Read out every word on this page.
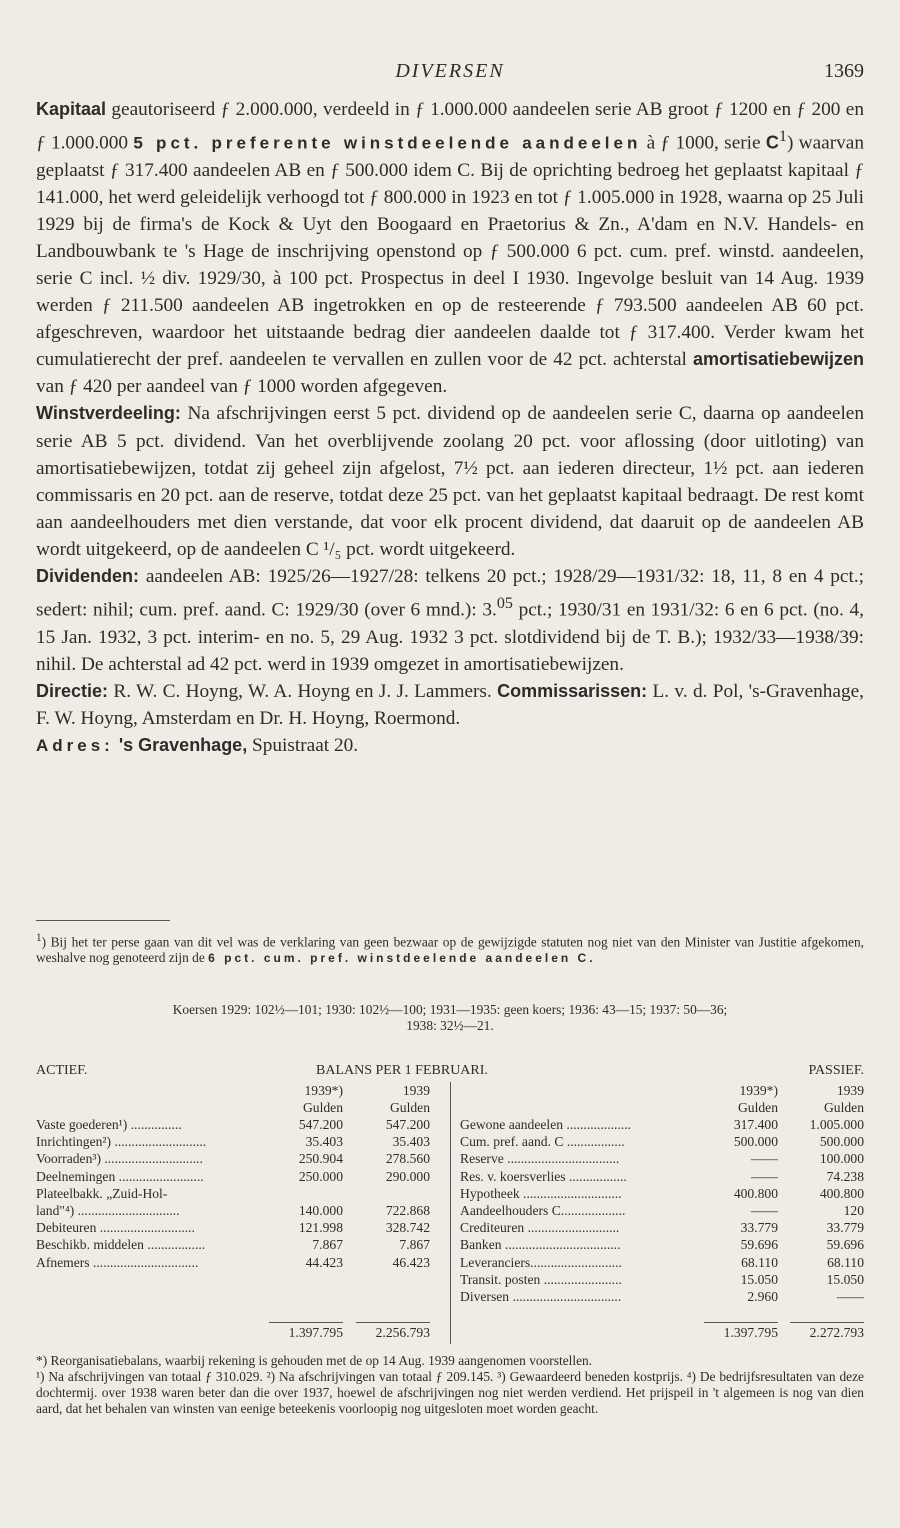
DIVERSEN	1369

Kapitaal geautoriseerd ƒ 2.000.000, verdeeld in ƒ 1.000.000 aandeelen serie AB groot ƒ 1200 en ƒ 200 en ƒ 1.000.000 5 pct. preferente winstdeelende aandeelen à ƒ 1000, serie $C^1$) waarvan geplaatst ƒ 317.400 aandeelen AB en ƒ 500.000 idem C. Bij de oprichting bedroeg het geplaatst kapitaal ƒ 141.000, het werd geleidelijk verhoogd tot ƒ 800.000 in 1923 en tot ƒ 1.005.000 in 1928, waarna op 25 Juli 1929 bij de firma's de Kock & Uyt den Boogaard en Praetorius & Zn., A'dam en N.V. Handels- en Landbouwbank te 's Hage de inschrijving openstond op ƒ 500.000 6 pct. cum. pref. winstd. aandeelen, serie C incl. ½ div. 1929/30, à 100 pct. Prospectus in deel I 1930. Ingevolge besluit van 14 Aug. 1939 werden ƒ 211.500 aandeelen AB ingetrokken en op de resteerende ƒ 793.500 aandeelen AB 60 pct. afgeschreven, waardoor het uitstaande bedrag dier aandeelen daalde tot ƒ 317.400. Verder kwam het cumulatierecht der pref. aandeelen te vervallen en zullen voor de 42 pct. achterstal amortisatiebewijzen van ƒ 420 per aandeel van ƒ 1000 worden afgegeven.

Winstverdeeling: Na afschrijvingen eerst 5 pct. dividend op de aandeelen serie C, daarna op aandeelen serie AB 5 pct. dividend. Van het overblijvende zoolang 20 pct. voor aflossing (door uitloting) van amortisatiebewijzen, totdat zij geheel zijn afgelost, 7½ pct. aan iederen directeur, 1½ pct. aan iederen commissaris en 20 pct. aan de reserve, totdat deze 25 pct. van het geplaatst kapitaal bedraagt. De rest komt aan aandeelhouders met dien verstande, dat voor elk procent dividend, dat daaruit op de aandeelen AB wordt uitgekeerd, op de aandeelen C ¹/₅ pct. wordt uitgekeerd.

Dividenden: aandeelen AB: 1925/26—1927/28: telkens 20 pct.; 1928/29—1931/32: 18, 11, 8 en 4 pct.; sedert: nihil; cum. pref. aand. C: 1929/30 (over 6 mnd.): 3.05 pct.; 1930/31 en 1931/32: 6 en 6 pct. (no. 4, 15 Jan. 1932, 3 pct. interim- en no. 5, 29 Aug. 1932 3 pct. slotdividend bij de T. B.); 1932/33—1938/39: nihil. De achterstal ad 42 pct. werd in 1939 omgezet in amortisatiebewijzen.

Directie: R. W. C. Hoyng, W. A. Hoyng en J. J. Lammers. Commissarissen: L. v. d. Pol, 's-Gravenhage, F. W. Hoyng, Amsterdam en Dr. H. Hoyng, Roermond.

Adres: 's Gravenhage, Spuistraat 20.

$^1$) Bij het ter perse gaan van dit vel was de verklaring van geen bezwaar op de gewijzigde statuten nog niet van den Minister van Justitie afgekomen, weshalve nog genoteerd zijn de 6 pct. cum. pref. winstdeelende aandeelen C.
Koersen 1929: 102½—101; 1930: 102½—100; 1931—1935: geen koers; 1936: 43—15; 1937: 50—36;
1938: 32½—21.
ACTIEF.	BALANS PER 1 FEBRUARI.	PASSIEF.
1939*)	1939
Gulden	Gulden
Vaste goederen¹) ...............	547.200	547.200
Inrichtingen²) ...........................	35.403	35.403
Voorraden³) .............................	250.904	278.560
Deelnemingen .........................	250.000	290.000
Plateelbakk. „Zuid-Hol-
land"⁴) ..............................	140.000	722.868
Debiteuren ............................	121.998	328.742
Beschikb. middelen .................	7.867	7.867
Afnemers ...............................	44.423	46.423
1.397.795	2.256.793
1939*)	1939
Gulden	Gulden
Gewone aandeelen ...................	317.400	1.005.000
Cum. pref. aand. C .................	500.000	500.000
Reserve .................................	——	100.000
Res. v. koersverlies .................	——	74.238
Hypotheek .............................	400.800	400.800
Aandeelhouders C...................	——	120
Crediteuren ...........................	33.779	33.779
Banken ..................................	59.696	59.696
Leveranciers...........................	68.110	68.110
Transit. posten .......................	15.050	15.050
Diversen ................................	2.960	——
1.397.795	2.272.793
*) Reorganisatiebalans, waarbij rekening is gehouden met de op 14 Aug. 1939 aangenomen voorstellen.
¹) Na afschrijvingen van totaal ƒ 310.029. ²) Na afschrijvingen van totaal ƒ 209.145. ³) Gewaardeerd beneden kostprijs. ⁴) De bedrijfsresultaten van deze dochtermij. over 1938 waren beter dan die over 1937, hoewel de afschrijvingen nog niet werden verdiend. Het prijspeil in 't algemeen is nog van dien aard, dat het behalen van winsten van eenige beteekenis voorloopig nog uitgesloten moet worden geacht.
